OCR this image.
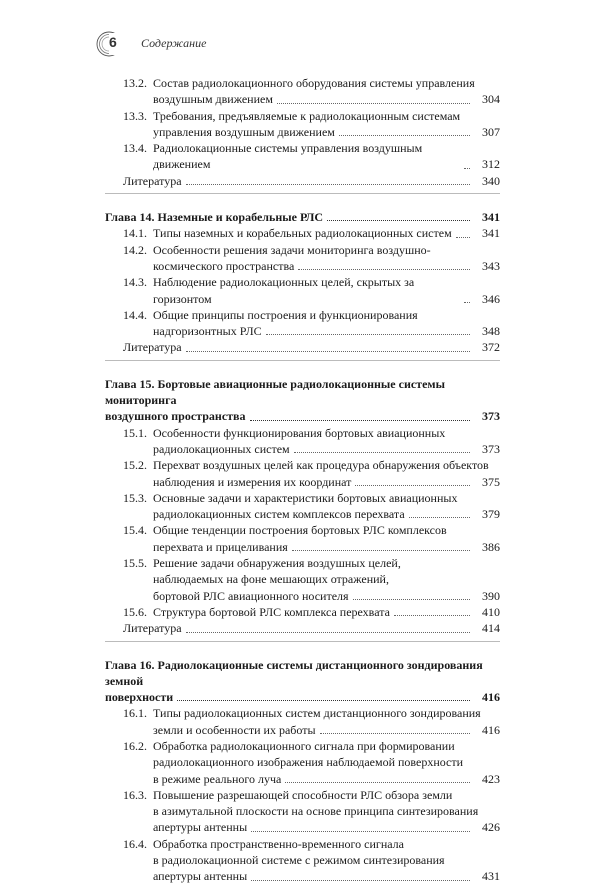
6 Содержание
13.2. Состав радиолокационного оборудования системы управления
воздушным движением	304
13.3. Требования, предъявляемые к радиолокационным системам
управления воздушным движением	307
13.4. Радиолокационные системы управления воздушным движением	312
Литература	340
Глава 14. Наземные и корабельные РЛС	341
14.1. Типы наземных и корабельных радиолокационных систем	341
14.2. Особенности решения задачи мониторинга воздушно-
космического пространства	343
14.3. Наблюдение радиолокационных целей, скрытых за горизонтом	346
14.4. Общие принципы построения и функционирования
надгоризонтных РЛС	348
Литература	372
Глава 15. Бортовые авиационные радиолокационные системы мониторинга
воздушного пространства	373
15.1. Особенности функционирования бортовых авиационных
радиолокационных систем	373
15.2. Перехват воздушных целей как процедура обнаружения объектов
наблюдения и измерения их координат	375
15.3. Основные задачи и характеристики бортовых авиационных
радиолокационных систем комплексов перехвата	379
15.4. Общие тенденции построения бортовых РЛС комплексов
перехвата и прицеливания	386
15.5. Решение задачи обнаружения воздушных целей,
наблюдаемых на фоне мешающих отражений,
бортовой РЛС авиационного носителя	390
15.6. Структура бортовой РЛС комплекса перехвата	410
Литература	414
Глава 16. Радиолокационные системы дистанционного зондирования земной
поверхности	416
16.1. Типы радиолокационных систем дистанционного зондирования
земли и особенности их работы	416
16.2. Обработка радиолокационного сигнала при формировании
радиолокационного изображения наблюдаемой поверхности
в режиме реального луча	423
16.3. Повышение разрешающей способности РЛС обзора земли
в азимутальной плоскости на основе принципа синтезирования
апертуры антенны	426
16.4. Обработка пространственно-временного сигнала
в радиолокационной системе с режимом синтезирования
апертуры антенны	431
